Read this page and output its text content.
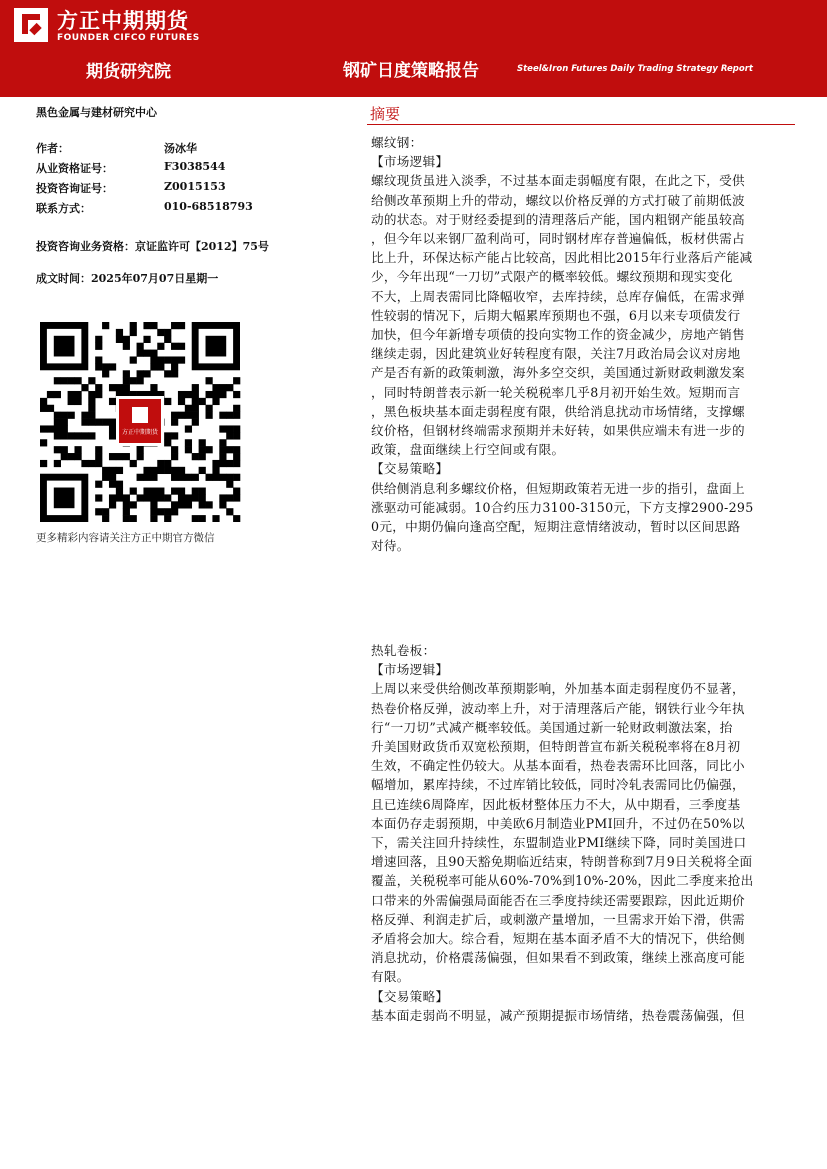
方正中期期货
FOUNDER CIFCO FUTURES
期货研究院	钢矿日度策略报告	Steel&Iron Futures Daily Trading Strategy Report
黑色金属与建材研究中心
作者：	汤冰华
从业资格证号：	F3038544
投资咨询证号：	Z0015153
联系方式：	010-68518793
投资咨询业务资格：京证监许可【2012】75号
成文时间：2025年07月07日星期一
方正中期期货
更多精彩内容请关注方正中期官方微信
摘要

螺纹钢：

【市场逻辑】

螺纹现货虽进入淡季，不过基本面走弱幅度有限，在此之下，受供
给侧改革预期上升的带动，螺纹以价格反弹的方式打破了前期低波
动的状态。对于财经委提到的清理落后产能，国内粗钢产能虽较高
，但今年以来钢厂盈利尚可，同时钢材库存普遍偏低，板材供需占
比上升，环保达标产能占比较高，因此相比2015年行业落后产能减
少，今年出现“一刀切”式限产的概率较低。螺纹预期和现实变化
不大，上周表需同比降幅收窄，去库持续，总库存偏低，在需求弹
性较弱的情况下，后期大幅累库预期也不强，6月以来专项债发行
加快，但今年新增专项债的投向实物工作的资金减少，房地产销售
继续走弱，因此建筑业好转程度有限，关注7月政治局会议对房地
产是否有新的政策刺激，海外多空交织，美国通过新财政刺激发案
，同时特朗普表示新一轮关税税率几乎8月初开始生效。短期而言
，黑色板块基本面走弱程度有限，供给消息扰动市场情绪，支撑螺
纹价格，但钢材终端需求预期并未好转，如果供应端未有进一步的
政策，盘面继续上行空间或有限。

【交易策略】

供给侧消息利多螺纹价格，但短期政策若无进一步的指引，盘面上
涨驱动可能减弱。10合约压力3100-3150元，下方支撑2900-295
0元，中期仍偏向逢高空配，短期注意情绪波动，暂时以区间思路
对待。

热轧卷板：

【市场逻辑】

上周以来受供给侧改革预期影响，外加基本面走弱程度仍不显著，
热卷价格反弹，波动率上升，对于清理落后产能，钢铁行业今年执
行“一刀切”式减产概率较低。美国通过新一轮财政刺激法案，抬
升美国财政货币双宽松预期，但特朗普宣布新关税税率将在8月初
生效，不确定性仍较大。从基本面看，热卷表需环比回落，同比小
幅增加，累库持续，不过库销比较低，同时冷轧表需同比仍偏强，
且已连续6周降库，因此板材整体压力不大，从中期看，三季度基
本面仍存走弱预期，中美欧6月制造业PMI回升，不过仍在50%以
下，需关注回升持续性，东盟制造业PMI继续下降，同时美国进口
增速回落，且90天豁免期临近结束，特朗普称到7月9日关税将全面
覆盖，关税税率可能从60%-70%到10%-20%，因此二季度来抢出
口带来的外需偏强局面能否在三季度持续还需要跟踪，因此近期价
格反弹、利润走扩后，或刺激产量增加，一旦需求开始下滑，供需
矛盾将会加大。综合看，短期在基本面矛盾不大的情况下，供给侧
消息扰动，价格震荡偏强，但如果看不到政策，继续上涨高度可能
有限。

【交易策略】

基本面走弱尚不明显，减产预期提振市场情绪，热卷震荡偏强，但
